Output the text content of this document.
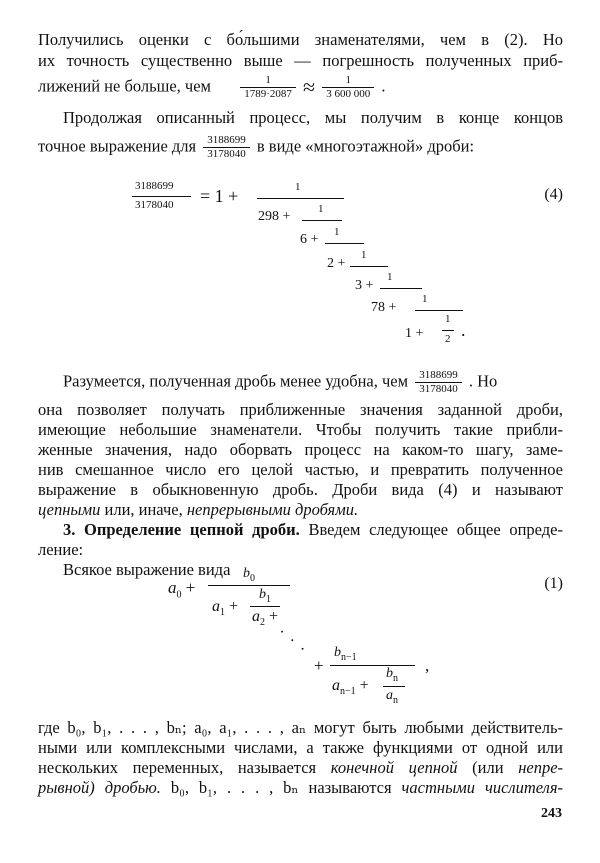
Получились оценки с бо́льшими знаменателями, чем в (2). Но
их точность существенно выше — погрешность полученных приб-
лижений не больше, чем	$\frac{1}{1789\cdot 2087} \approx \frac{1}{3 600 000}$ .
Продолжая описанный процесс, мы получим в конце концов
точное выражение для $\frac{3188699}{3178040}$ в виде «многоэтажной» дроби:
3188699
3178040 = 1 +	1
298 +	1
6 + 1
2 +
1
3 +
1
78 +
1
1 +
1
2 .
(4)
Разумеется, полученная дробь менее удобна, чем $\frac{3188699}{3178040}$ . Но
она позволяет получать приближенные значения заданной дроби,
имеющие небольшие знаменатели. Чтобы получить такие прибли-
женные значения, надо оборвать процесс на каком-то шагу, заме-
нив смешанное число его целой частью, и превратить полученное
выражение в обыкновенную дробь. Дроби вида (4) и называют
цепными или, иначе, непрерывными дробями.
3. Определение цепной дроби. Введем следующее общее опреде-
ление:
Всякое выражение вида
$a_0$ +
$b_0$
$a_1$ +
$b_1$
$a_2$ +
· · ·
+
$b_{n-1}$
$a_{n-1}$ +
$b_n$
$a_n$
,
(1)
где b₀, b₁, . . . , bₙ; a₀, a₁, . . . , aₙ могут быть любыми действитель-
ными или комплексными числами, а также функциями от одной или
нескольких переменных, называется конечной цепной (или непре-
рывной) дробью. b₀, b₁, . . . , bₙ называются частными числителя-
243
